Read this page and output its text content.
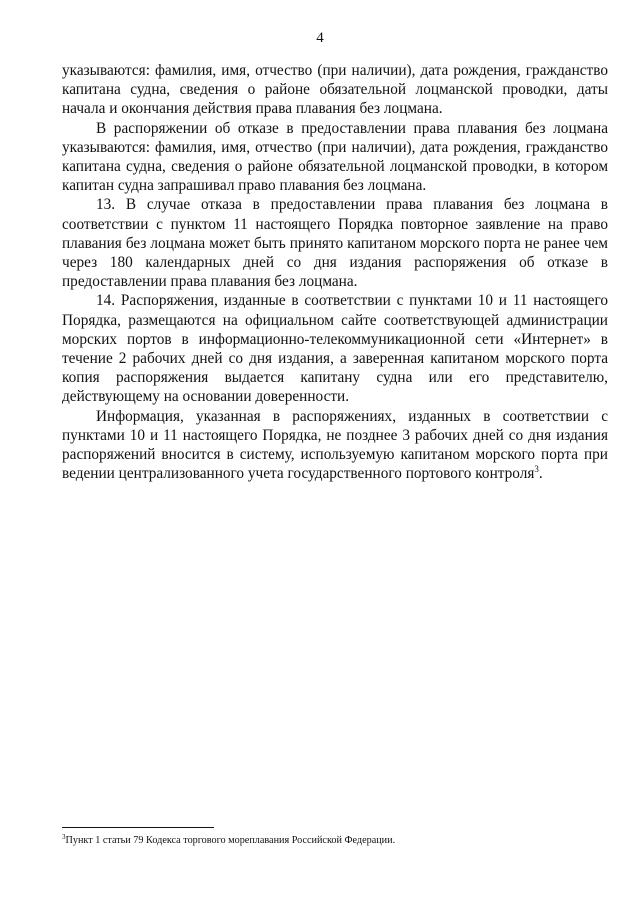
4

указываются: фамилия, имя, отчество (при наличии), дата рождения, гражданство капитана судна, сведения о районе обязательной лоцманской проводки, даты начала и окончания действия права плавания без лоцмана.

В распоряжении об отказе в предоставлении права плавания без лоцмана указываются: фамилия, имя, отчество (при наличии), дата рождения, гражданство капитана судна, сведения о районе обязательной лоцманской проводки, в котором капитан судна запрашивал право плавания без лоцмана.

13. В случае отказа в предоставлении права плавания без лоцмана в соответствии с пунктом 11 настоящего Порядка повторное заявление на право плавания без лоцмана может быть принято капитаном морского порта не ранее чем через 180 календарных дней со дня издания распоряжения об отказе в предоставлении права плавания без лоцмана.

14. Распоряжения, изданные в соответствии с пунктами 10 и 11 настоящего Порядка, размещаются на официальном сайте соответствующей администрации морских портов в информационно-телекоммуникационной сети «Интернет» в течение 2 рабочих дней со дня издания, а заверенная капитаном морского порта копия распоряжения выдается капитану судна или его представителю, действующему на основании доверенности.

Информация, указанная в распоряжениях, изданных в соответствии с пунктами 10 и 11 настоящего Порядка, не позднее 3 рабочих дней со дня издания распоряжений вносится в систему, используемую капитаном морского порта при ведении централизованного учета государственного портового контроля$^3$.

$^3$Пункт 1 статьи 79 Кодекса торгового мореплавания Российской Федерации.
